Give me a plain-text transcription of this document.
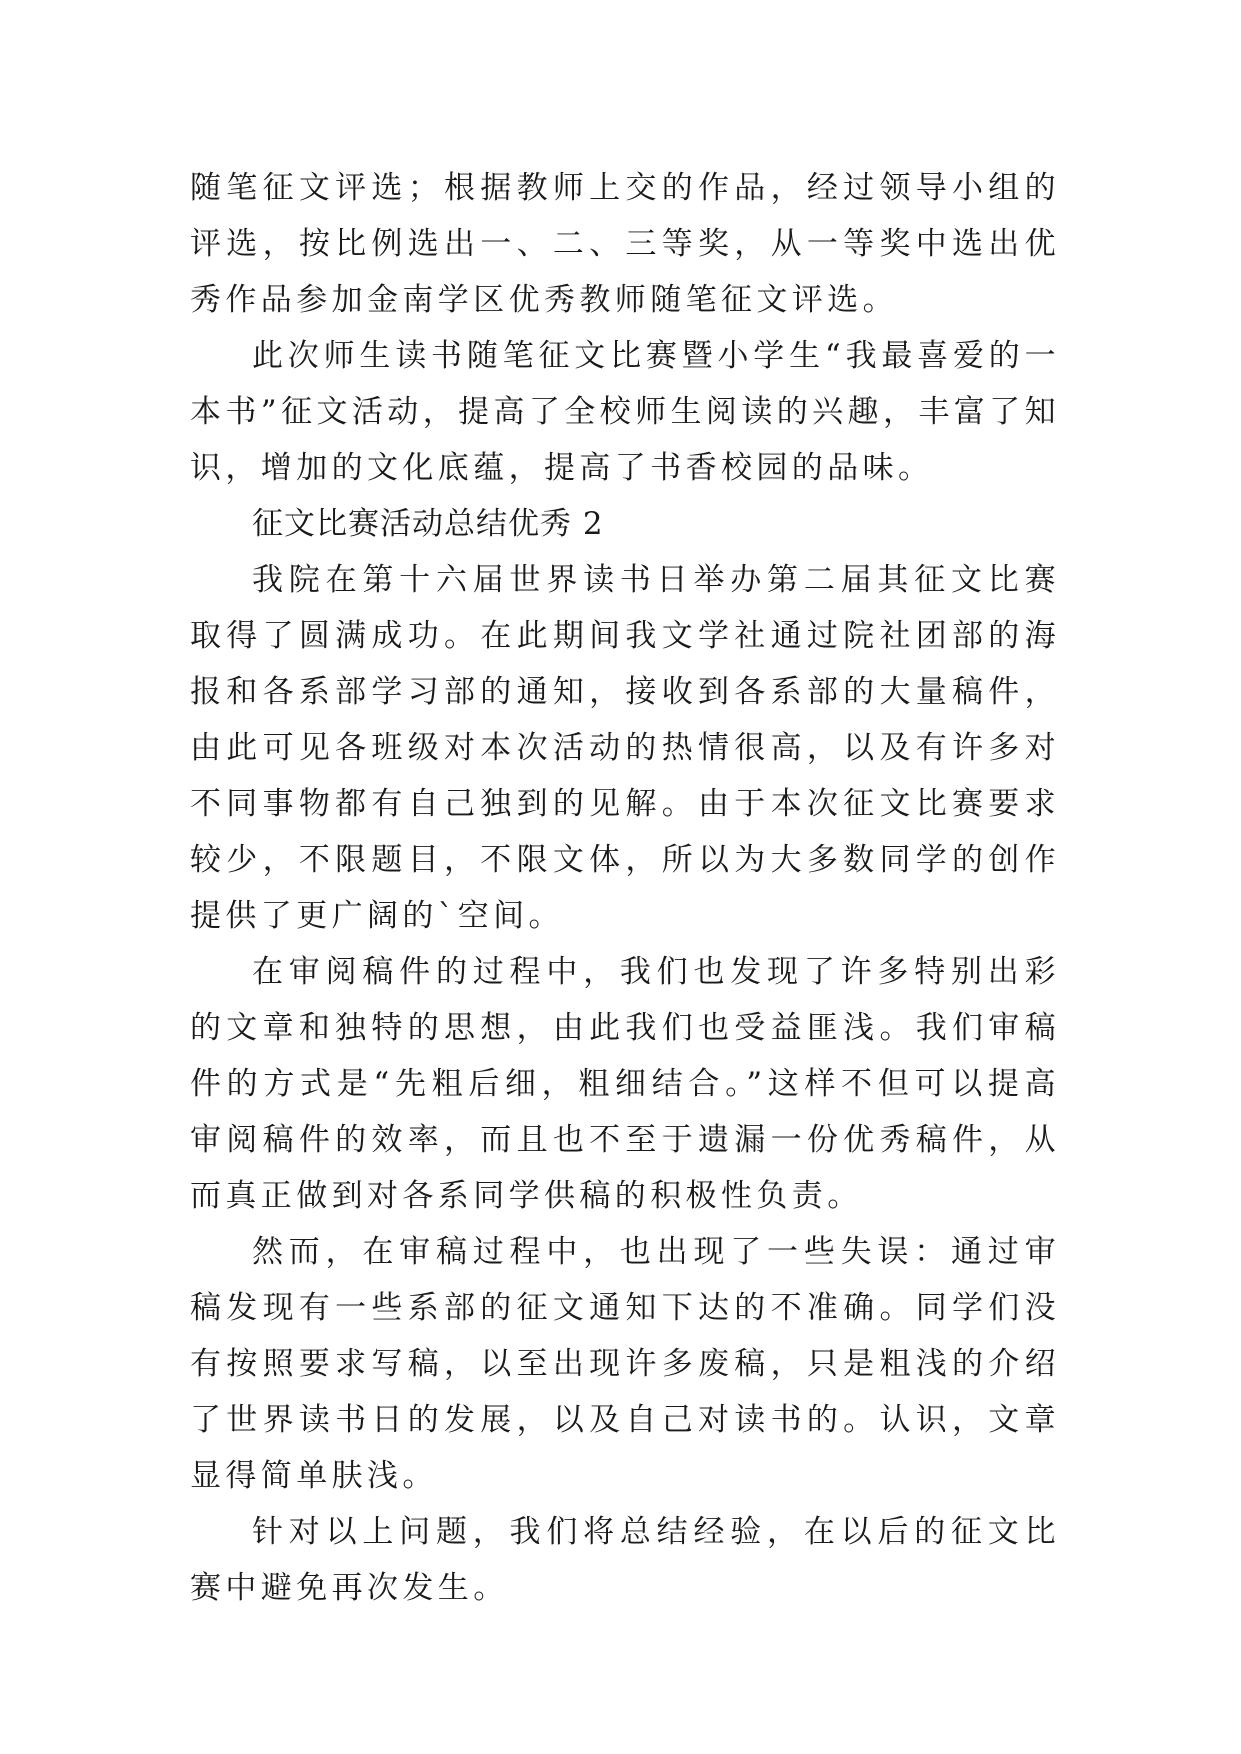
随笔征文评选；根据教师上交的作品，经过领导小组的评选，按比例选出一、二、三等奖，从一等奖中选出优秀作品参加金南学区优秀教师随笔征文评选。

此次师生读书随笔征文比赛暨小学生“我最喜爱的一本书”征文活动，提高了全校师生阅读的兴趣，丰富了知识，增加的文化底蕴，提高了书香校园的品味。

征文比赛活动总结优秀 2

我院在第十六届世界读书日举办第二届其征文比赛取得了圆满成功。在此期间我文学社通过院社团部的海报和各系部学习部的通知，接收到各系部的大量稿件，由此可见各班级对本次活动的热情很高，以及有许多对不同事物都有自己独到的见解。由于本次征文比赛要求较少，不限题目，不限文体，所以为大多数同学的创作提供了更广阔的`空间。

在审阅稿件的过程中，我们也发现了许多特别出彩的文章和独特的思想，由此我们也受益匪浅。我们审稿件的方式是“先粗后细，粗细结合。”这样不但可以提高审阅稿件的效率，而且也不至于遗漏一份优秀稿件，从而真正做到对各系同学供稿的积极性负责。

然而，在审稿过程中，也出现了一些失误：通过审稿发现有一些系部的征文通知下达的不准确。同学们没有按照要求写稿，以至出现许多废稿，只是粗浅的介绍了世界读书日的发展，以及自己对读书的。认识，文章显得简单肤浅。

针对以上问题，我们将总结经验，在以后的征文比赛中避免再次发生。
